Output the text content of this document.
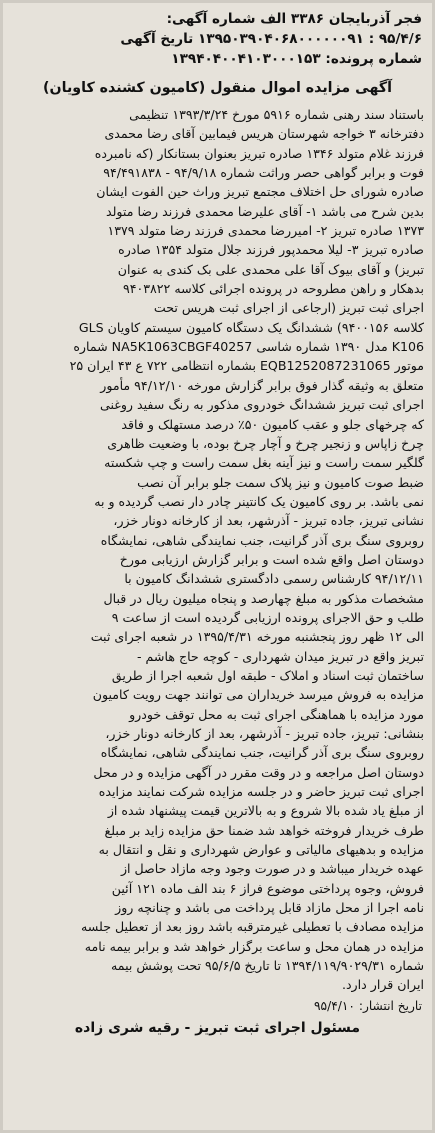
فجر آذربایجان ۳۳۸۶ الف شماره آگهی:
۹۵/۴/۶ : ۱۳۹۵۰۳۹۰۴۰۶۸۰۰۰۰۰۰۹۱ تاریخ آگهی
شماره پرونده: ۱۳۹۴۰۴۰۰۴۱۰۳۰۰۰۱۵۳
آگهی مزایده اموال منقول (کامیون کشنده کاویان)
باستناد سند رهنی شماره ۵۹۱۶ مورخ ۱۳۹۳/۳/۲۴ تنظیمی
دفترخانه ۳ خواجه شهرستان هریس فیمابین آقای رضا محمدی
فرزند غلام متولد ۱۳۴۶ صادره تبریز بعنوان بستانکار (که نامبرده
فوت و برابر گواهی حصر وراثت شماره ۹۴/۹/۱۸ - ۹۴/۴۹۱۸۳۸
صادره شورای حل اختلاف مجتمع تبریز وراث حین الفوت ایشان
بدین شرح می باشد ۱- آقای علیرضا محمدی فرزند رضا متولد
۱۳۷۳ صادره تبریز ۲- امیررضا محمدی فرزند رضا متولد ۱۳۷۹
صادره تبریز ۳- لیلا محمدپور فرزند جلال متولد ۱۳۵۴ صادره
تبریز) و آقای بیوک آقا علی محمدی علی بک کندی به عنوان
بدهکار و راهن مطروحه در پرونده اجرائی کلاسه ۹۴۰۳۸۲۲
اجرای ثبت تبریز (ارجاعی از اجرای ثبت هریس تحت
کلاسه ۹۴۰۰۱۵۶) ششدانگ یک دستگاه کامیون سیستم کاویان GLS
K106 مدل ۱۳۹۰ شماره شاسی NA5K1063CBGF40257 شماره
موتور EQB1252087231065 بشماره انتظامی ۷۲۲ ع ۴۳ ایران ۲۵
متعلق به وثیقه گذار فوق برابر گزارش مورخه ۹۴/۱۲/۱۰ مأمور
اجرای ثبت تبریز ششدانگ خودروی مذکور به رنگ سفید روغنی
که چرخهای جلو و عقب کامیون ۵۰٪ درصد مستهلک و فاقد
چرخ زاپاس و زنجیر چرخ و آچار چرخ بوده، با وضعیت ظاهری
گلگیر سمت راست و نیز آینه بغل سمت راست و چپ شکسته
ضبط صوت کامیون و نیز پلاک سمت جلو برابر آن نصب
نمی باشد. بر روی کامیون یک کانتینر چادر دار نصب گردیده و به
نشانی تبریز، جاده تبریز - آذرشهر، بعد از کارخانه دونار خزر،
روبروی سنگ بری آذر گرانیت، جنب نمایندگی شاهی، نمایشگاه
دوستان اصل واقع شده است و برابر گزارش ارزیابی مورخ
۹۴/۱۲/۱۱ کارشناس رسمی دادگستری ششدانگ کامیون با
مشخصات مذکور به مبلغ چهارصد و پنجاه میلیون ریال در قبال
طلب و حق الاجرای پرونده ارزیابی گردیده است از ساعت ۹
الی ۱۲ ظهر روز پنجشنبه مورخه ۱۳۹۵/۴/۳۱ در شعبه اجرای ثبت
تبریز واقع در تبریز میدان شهرداری - کوچه حاج هاشم -
ساختمان ثبت اسناد و املاک - طبقه اول شعبه اجرا از طریق
مزایده به فروش میرسد خریداران می توانند جهت رویت کامیون
مورد مزایده با هماهنگی اجرای ثبت به محل توقف خودرو
بنشانی: تبریز، جاده تبریز - آذرشهر، بعد از کارخانه دونار خزر،
روبروی سنگ بری آذر گرانیت، جنب نمایندگی شاهی، نمایشگاه
دوستان اصل مراجعه و در وقت مقرر در آگهی مزایده و در محل
اجرای ثبت تبریز حاضر و در جلسه مزایده شرکت نمایند مزایده
از مبلغ یاد شده بالا شروع و به بالاترین قیمت پیشنهاد شده از
طرف خریدار فروخته خواهد شد ضمنا حق مزایده زاید بر مبلغ
مزایده و بدهیهای مالیاتی و عوارض شهرداری و نقل و انتقال به
عهده خریدار میباشد و در صورت وجود وجه مازاد حاصل از
فروش، وجوه پرداختی موضوع فراز ۶ بند الف ماده ۱۲۱ آئین
نامه اجرا از محل مازاد قابل پرداخت می باشد و چنانچه روز
مزایده مصادف با تعطیلی غیرمترقبه باشد روز بعد از تعطیل جلسه
مزایده در همان محل و ساعت برگزار خواهد شد و برابر بیمه نامه
شماره ۱۳۹۴/۱۱۹/۹۰۲۹/۳۱ تا تاریخ ۹۵/۶/۵ تحت پوشش بیمه
ایران قرار دارد.
تاریخ انتشار: ۹۵/۴/۱۰
مسئول اجرای ثبت تبریز - رقیه شری زاده
